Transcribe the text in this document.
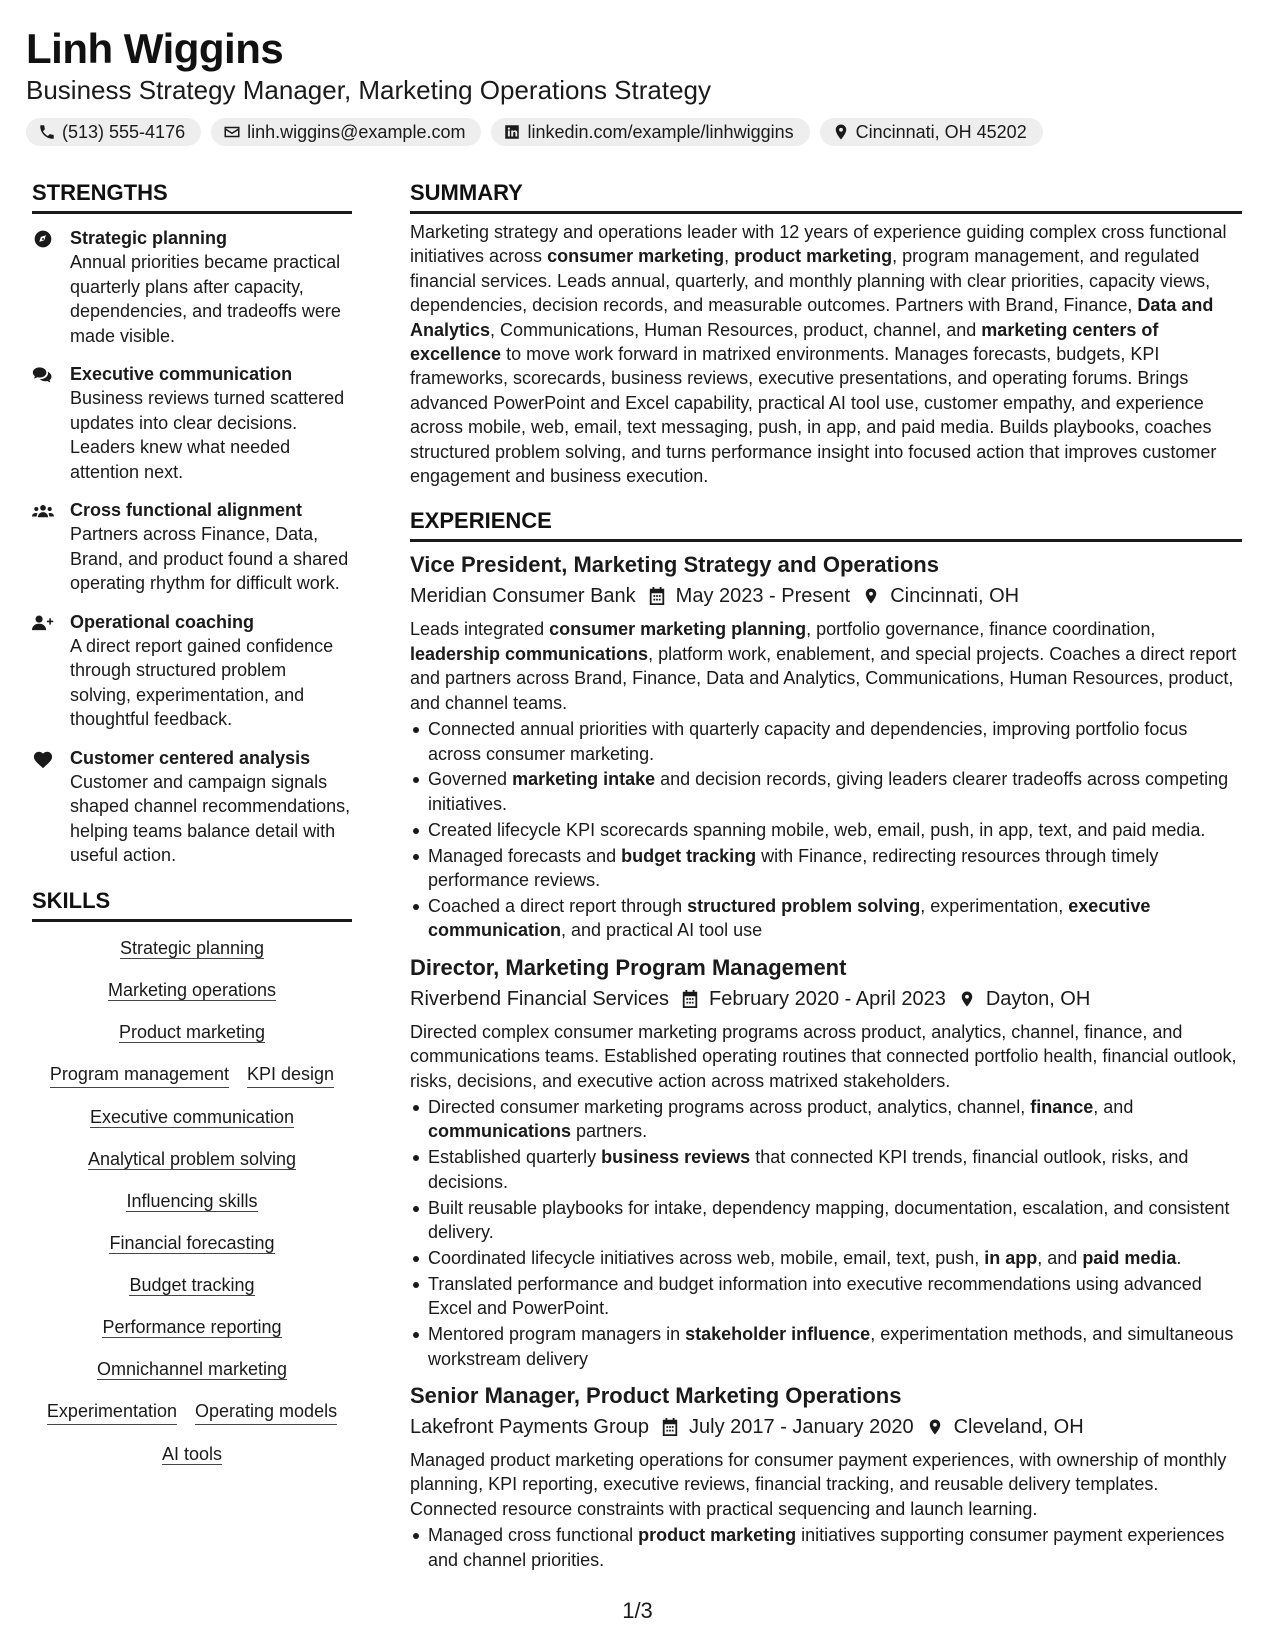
Linh Wiggins
Business Strategy Manager, Marketing Operations Strategy
(513) 555-4176	linh.wiggins@example.com	linkedin.com/example/linhwiggins	Cincinnati, OH 45202
STRENGTHS
Strategic planning
Annual priorities became practical quarterly plans after capacity, dependencies, and tradeoffs were made visible.
Executive communication
Business reviews turned scattered updates into clear decisions. Leaders knew what needed attention next.
Cross functional alignment
Partners across Finance, Data, Brand, and product found a shared operating rhythm for difficult work.
Operational coaching
A direct report gained confidence through structured problem solving, experimentation, and thoughtful feedback.
Customer centered analysis
Customer and campaign signals shaped channel recommendations, helping teams balance detail with useful action.
SKILLS
Strategic planning
Marketing operations
Product marketing
Program management KPI design
Executive communication
Analytical problem solving
Influencing skills
Financial forecasting
Budget tracking
Performance reporting
Omnichannel marketing
Experimentation Operating models
AI tools
SUMMARY
Marketing strategy and operations leader with 12 years of experience guiding complex cross functional initiatives across consumer marketing, product marketing, program management, and regulated financial services. Leads annual, quarterly, and monthly planning with clear priorities, capacity views, dependencies, decision records, and measurable outcomes. Partners with Brand, Finance, Data and Analytics, Communications, Human Resources, product, channel, and marketing centers of excellence to move work forward in matrixed environments. Manages forecasts, budgets, KPI frameworks, scorecards, business reviews, executive presentations, and operating forums. Brings advanced PowerPoint and Excel capability, practical AI tool use, customer empathy, and experience across mobile, web, email, text messaging, push, in app, and paid media. Builds playbooks, coaches structured problem solving, and turns performance insight into focused action that improves customer engagement and business execution.
EXPERIENCE
Vice President, Marketing Strategy and Operations
Meridian Consumer Bank May 2023 - Present Cincinnati, OH
Leads integrated consumer marketing planning, portfolio governance, finance coordination, leadership communications, platform work, enablement, and special projects. Coaches a direct report and partners across Brand, Finance, Data and Analytics, Communications, Human Resources, product, and channel teams.
Connected annual priorities with quarterly capacity and dependencies, improving portfolio focus across consumer marketing.
Governed marketing intake and decision records, giving leaders clearer tradeoffs across competing initiatives.
Created lifecycle KPI scorecards spanning mobile, web, email, push, in app, text, and paid media.
Managed forecasts and budget tracking with Finance, redirecting resources through timely performance reviews.
Coached a direct report through structured problem solving, experimentation, executive communication, and practical AI tool use
Director, Marketing Program Management
Riverbend Financial Services February 2020 - April 2023 Dayton, OH
Directed complex consumer marketing programs across product, analytics, channel, finance, and communications teams. Established operating routines that connected portfolio health, financial outlook, risks, decisions, and executive action across matrixed stakeholders.
Directed consumer marketing programs across product, analytics, channel, finance, and communications partners.
Established quarterly business reviews that connected KPI trends, financial outlook, risks, and decisions.
Built reusable playbooks for intake, dependency mapping, documentation, escalation, and consistent delivery.
Coordinated lifecycle initiatives across web, mobile, email, text, push, in app, and paid media.
Translated performance and budget information into executive recommendations using advanced Excel and PowerPoint.
Mentored program managers in stakeholder influence, experimentation methods, and simultaneous workstream delivery
Senior Manager, Product Marketing Operations
Lakefront Payments Group July 2017 - January 2020 Cleveland, OH
Managed product marketing operations for consumer payment experiences, with ownership of monthly planning, KPI reporting, executive reviews, financial tracking, and reusable delivery templates. Connected resource constraints with practical sequencing and launch learning.
Managed cross functional product marketing initiatives supporting consumer payment experiences and channel priorities.
1/3
